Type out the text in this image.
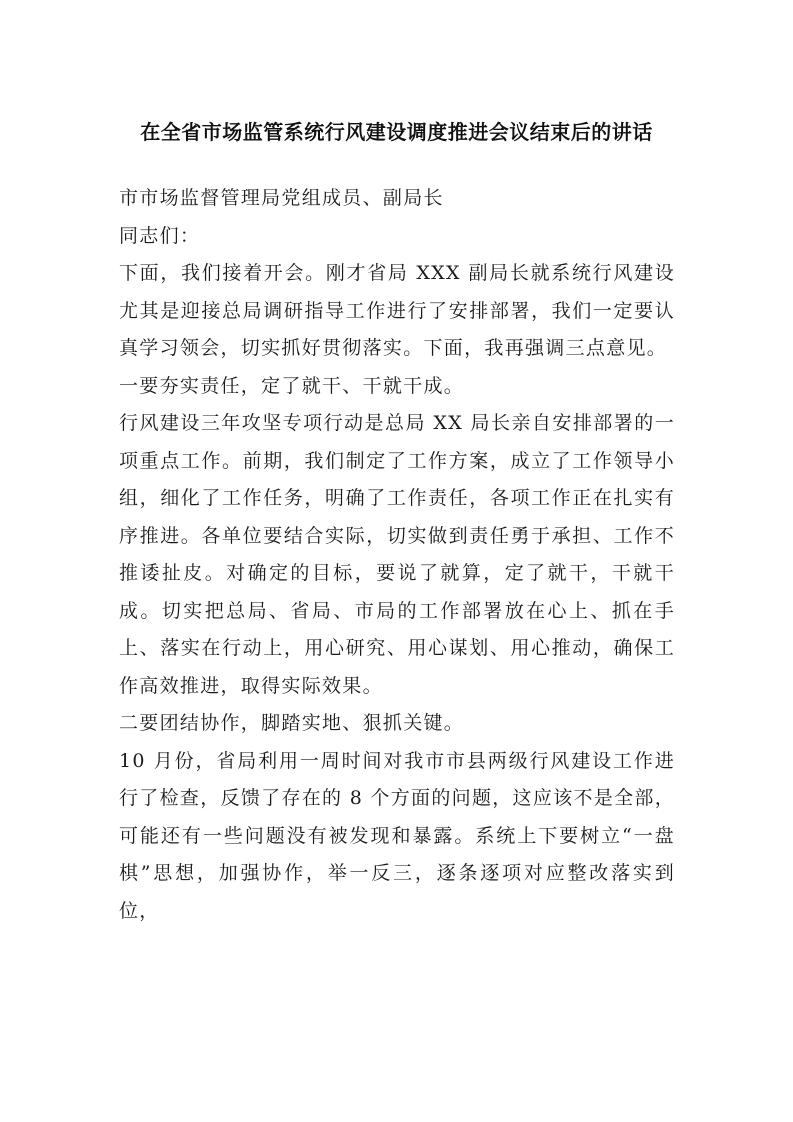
在全省市场监管系统行风建设调度推进会议结束后的讲话

市市场监督管理局党组成员、副局长

同志们：

下面，我们接着开会。刚才省局 XXX 副局长就系统行风建设尤其是迎接总局调研指导工作进行了安排部署，我们一定要认真学习领会，切实抓好贯彻落实。下面，我再强调三点意见。

一要夯实责任，定了就干、干就干成。

行风建设三年攻坚专项行动是总局 XX 局长亲自安排部署的一项重点工作。前期，我们制定了工作方案，成立了工作领导小组，细化了工作任务，明确了工作责任，各项工作正在扎实有序推进。各单位要结合实际，切实做到责任勇于承担、工作不推诿扯皮。对确定的目标，要说了就算，定了就干，干就干成。切实把总局、省局、市局的工作部署放在心上、抓在手上、落实在行动上，用心研究、用心谋划、用心推动，确保工作高效推进，取得实际效果。

二要团结协作，脚踏实地、狠抓关键。

10 月份，省局利用一周时间对我市市县两级行风建设工作进行了检查，反馈了存在的 8 个方面的问题，这应该不是全部，可能还有一些问题没有被发现和暴露。系统上下要树立“一盘棋”思想，加强协作，举一反三，逐条逐项对应整改落实到位，
